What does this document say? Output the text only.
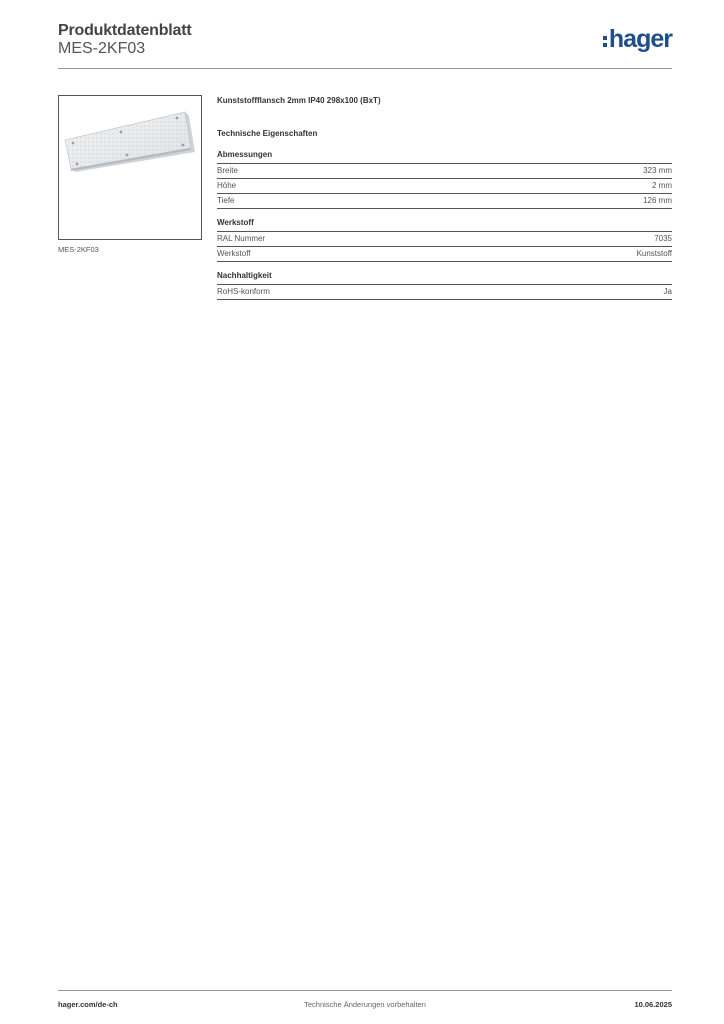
Produktdatenblatt
MES-2KF03	hager
MES-2KF03
Kunststoffflansch 2mm IP40 298x100 (BxT)
Technische Eigenschaften
Abmessungen
Breite	323 mm
Höhe	2 mm
Tiefe	126 mm
Werkstoff
RAL Nummer	7035
Werkstoff	Kunststoff
Nachhaltigkeit
RoHS-konform	Ja
hager.com/de-ch	Technische Änderungen vorbehalten	10.06.2025
